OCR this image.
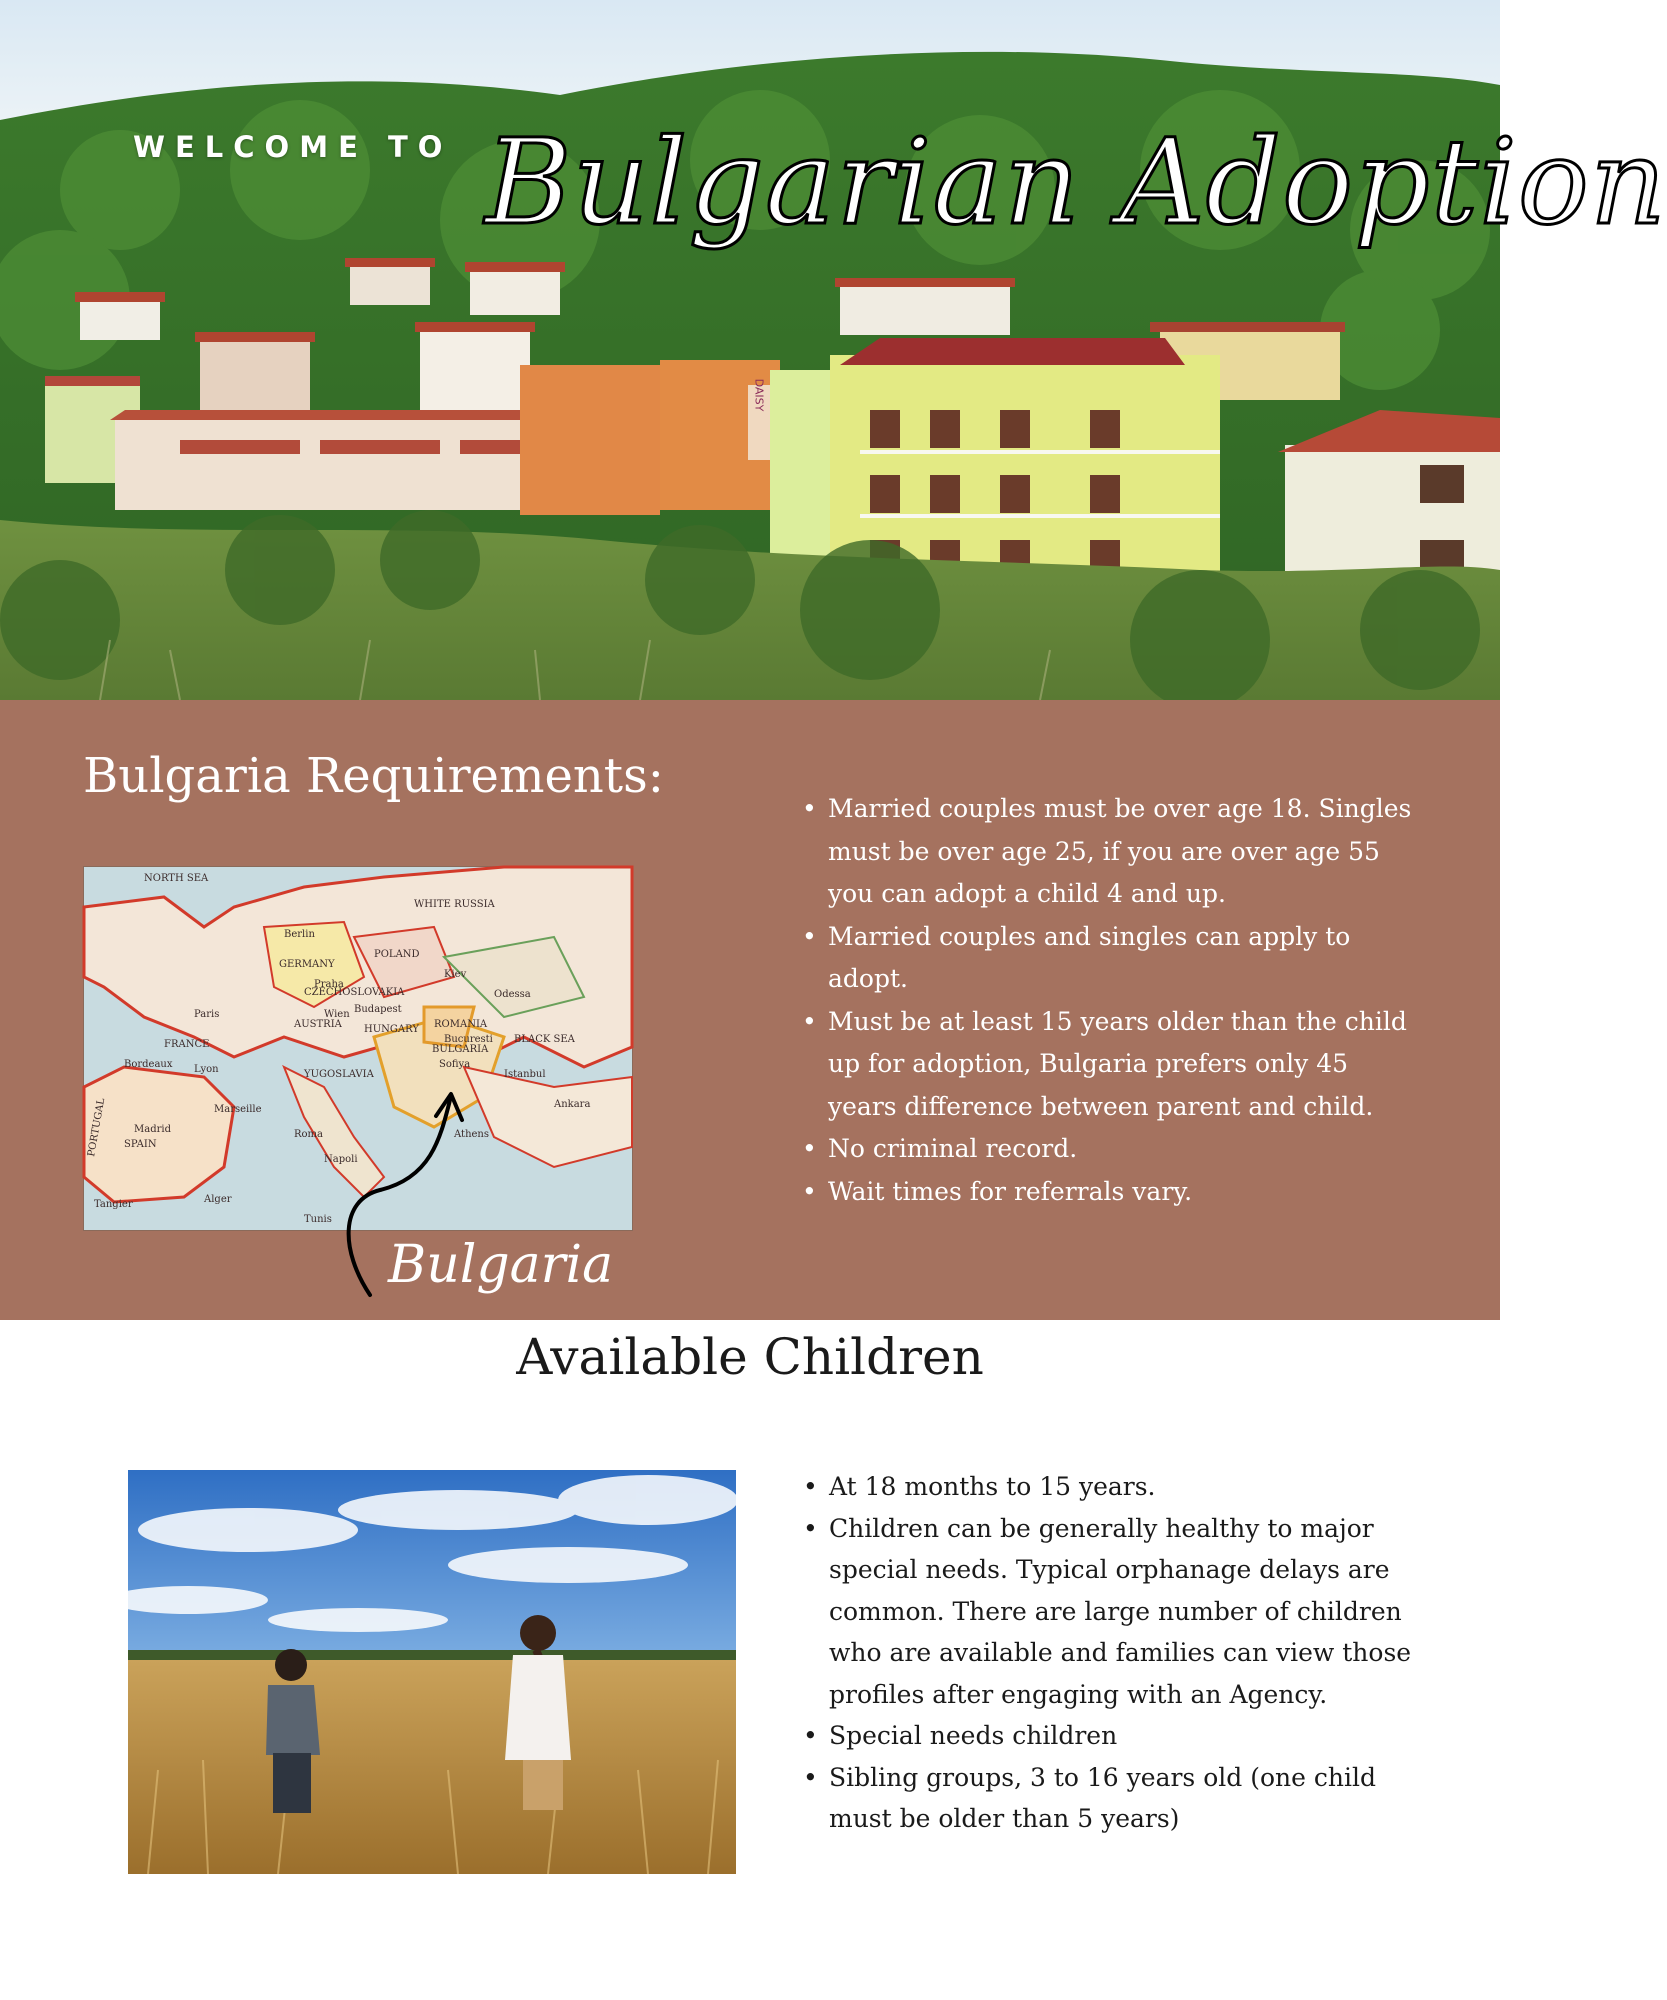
DAISY
WELCOME TO Bulgarian Adoption
Bulgaria Requirements:
NORTH SEA
POLAND
GERMANY
CZECHOSLOVAKIA
AUSTRIA HUNGARY ROMANIA
BULGARIA
FRANCE
SPAIN
PORTUGAL
YUGOSLAVIA
BLACK SEA
WHITE RUSSIA
Paris
Madrid
Bordeaux Lyon
Marseille
Roma
Napoli
Wien Budapest
Praha
Berlin
Kiev
Odessa
Bucuresti
Sofiya
Istanbul
Athens
Ankara
Alger
Tunis
Tangier
Bulgaria
• Married couples must be over age 18. Singles must be over age 25, if you are over age 55 you can adopt a child 4 and up.
• Married couples and singles can apply to adopt.
• Must be at least 15 years older than the child up for adoption, Bulgaria prefers only 45 years difference between parent and child.
• No criminal record.
• Wait times for referrals vary.
Available Children
• At 18 months to 15 years.
• Children can be generally healthy to major special needs. Typical orphanage delays are common. There are large number of children who are available and families can view those profiles after engaging with an Agency.
• Special needs children
• Sibling groups, 3 to 16 years old (one child must be older than 5 years)
